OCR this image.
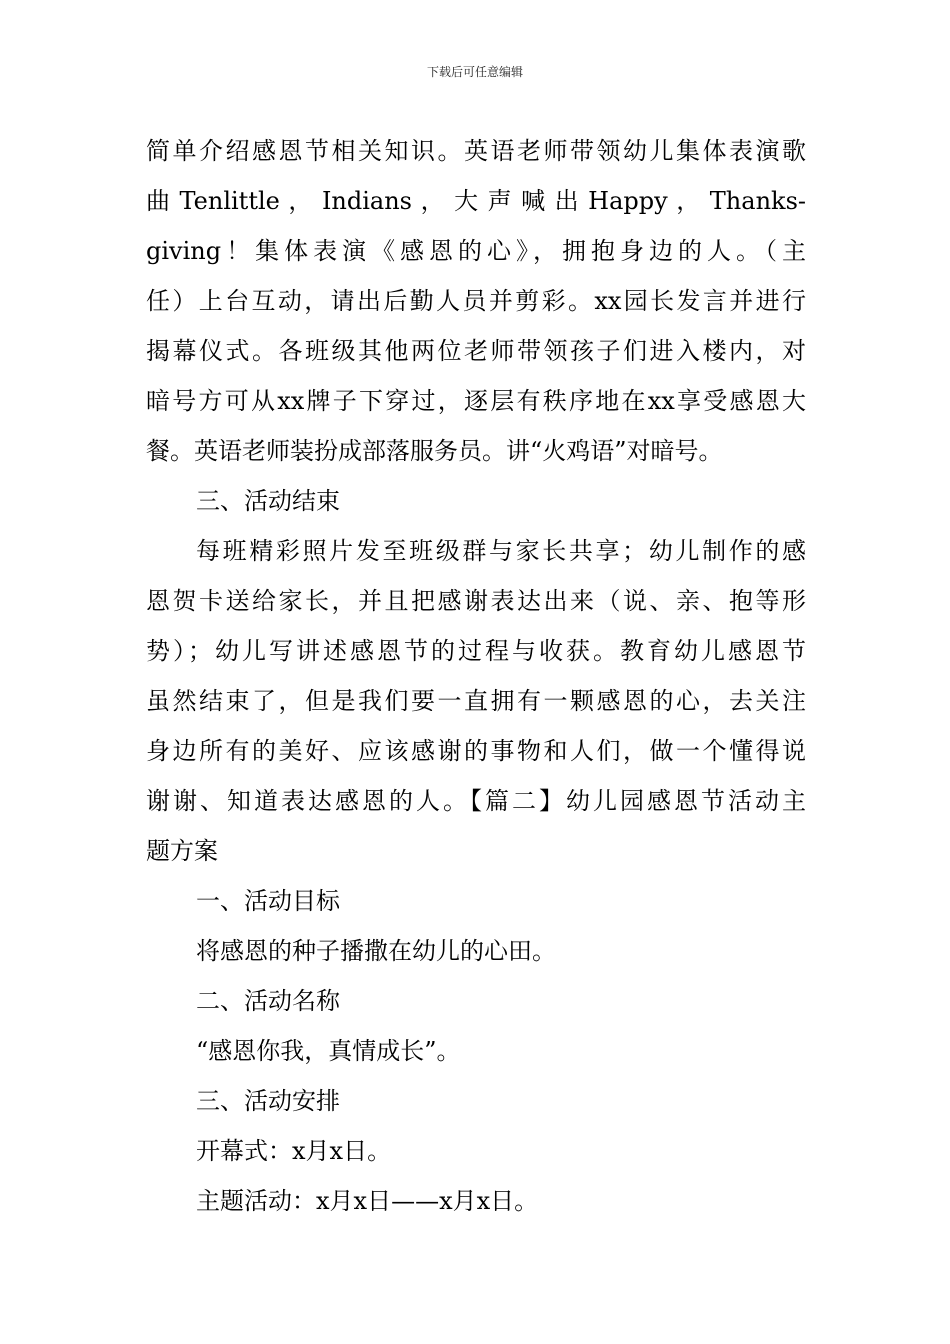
下载后可任意编辑
简单介绍感恩节相关知识。英语老师带领幼儿集体表演歌
曲 Tenlittle ， Indians ， 大 声 喊 出 Happy ， Thanks-
giving！集体表演《感恩的心》，拥抱身边的人。（主
任）上台互动，请出后勤人员并剪彩。xx园长发言并进行
揭幕仪式。各班级其他两位老师带领孩子们进入楼内，对
暗号方可从xx牌子下穿过，逐层有秩序地在xx享受感恩大
餐。英语老师装扮成部落服务员。讲“火鸡语”对暗号。
三、活动结束
每班精彩照片发至班级群与家长共享；幼儿制作的感
恩贺卡送给家长，并且把感谢表达出来（说、亲、抱等形
势）；幼儿写讲述感恩节的过程与收获。教育幼儿感恩节
虽然结束了，但是我们要一直拥有一颗感恩的心，去关注
身边所有的美好、应该感谢的事物和人们，做一个懂得说
谢谢、知道表达感恩的人。【篇二】幼儿园感恩节活动主
题方案
一、活动目标
将感恩的种子播撒在幼儿的心田。
二、活动名称
“感恩你我，真情成长”。
三、活动安排
开幕式：x月x日。
主题活动：x月x日——x月x日。
